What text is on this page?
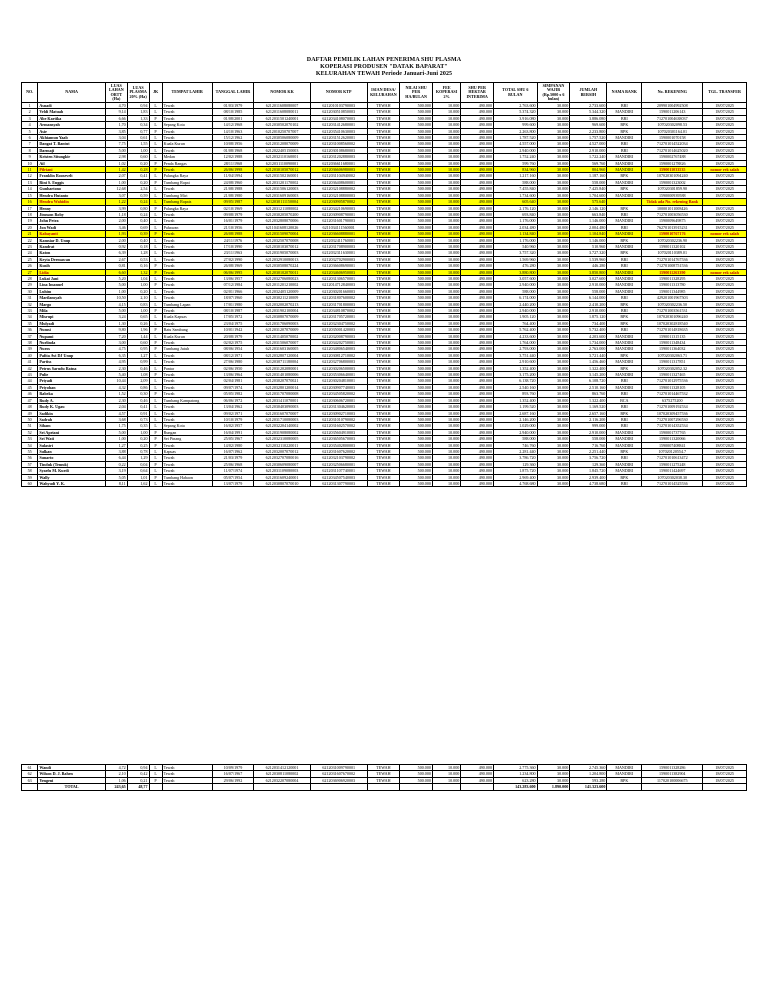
DAFTAR PEMILIK LAHAN PENERIMA SHU PLASMA
KOPERASI PRODUSEN "DATAK BAPARAT"
KELURAHAN TEWAH Periode Januari-Juni 2025
NO.	NAMA	LUAS LAHAN ORTT (Ha)	LUAS PLASMA 20% (Ha)	JK	TEMPAT LAHIR	TANGGAL LAHIR	NOMOR KK	NOMOR KTP	ISIAN DESA/ KELURAHAN	NILAI SHU PER HA/BULAN	FEE KOPERASI 2%	SHU PER HEKTAR INTERIMA	TOTAL SHU 6 BULAN	SIMPANAN WAJIB (Rp.5000 x 6 bulan)	JUMLAH BERSIH	NAMA BANK	No. REKENING	TGL. TRANSFER
1	Asnadi	4,70	0,94	L	Tewah	01/03/1979	6212011608080007	6212010103790003	TEWAH	500.000	10.000	490.000	2.763.600	30.000	2.733.600	BRI	209901004992508	18/07/2025
2	Veldi Matuah	9,14	1,83	L	Tewah	08/10/1985	6212011608080011	6212030510850003	TEWAH	500.000	10.000	490.000	5.374.320	30.000	5.344.320	MANDIRI	1590011206143	18/07/2025
3	Abe Kartika	6,66	1,33	P	Tewah	01/08/2001	6212031501240001	6212034108070003	TEWAH	500.000	10.000	490.000	3.916.080	30.000	3.886.080	BRI	712701004638037	18/07/2025
4	Armansyah	1,70	0,34	L	Sepang Kota	14/12/1968	6212030502070102	6212031412680001	TEWAH	500.000	10.000	490.000	999.600	30.000	969.600	BPK	107020302098.53	18/07/2025
5	Asie	3,85	0,77	P	Tewah	14/10/1963	6212010250707007	6212035410630003	TEWAH	500.000	10.000	490.000	2.263.800	30.000	2.233.800	BPK	107020301164.01	18/07/2025
6	Akhiamun Yaab	3,04	0,61	L	Tewah	15/12/1962	6212030506080009	6212031512620001	TEWAH	500.000	10.000	490.000	1.787.520	30.000	1.757.520	MANDIRI	1590001070158	18/07/2025
7	Dangat T. Bantut	7,75	1,55	L	Kuala Kurun	10/08/1956	6212031208070009	6212031008560002	TEWAH	500.000	10.000	490.000	4.557.000	30.000	4.527.000	BRI	712701014522034	18/07/2025
8	Darmaji	5,00	1,00	L	Tewah	01/08/1968	6212022405150003	6212030108680003	TEWAH	500.000	10.000	490.000	2.940.000	30.000	2.910.000	BRI	712701014625020	18/07/2025
9	Kristen Situngkir	2,98	0,60	L	Medan	12/02/1988	6212032110160001	6212031202880003	TEWAH	500.000	10.000	490.000	1.752.240	30.000	1.722.240	MANDIRI	1590002767488	18/07/2025
10	Ail	1,02	0,20	P	Penda Rangas	28/11/1968	6212031110090001	6212036611680001	TEWAH	500.000	10.000	490.000	599.760	30.000	569.760	MANDIRI	1590001278826	18/07/2025
11	Pilriani	1,42	0,28	P	Tewah	26/06/1998	6212030105070012	6212036606980003	TEWAH	500.000	10.000	490.000	834.960	30.000	804.960	MANDIRI	1590011033535	nomor rek salah
12	Franklin Roosevelt	2,07	0,41	L	Palangka Raya	11/04/1994	6212031502160001	6212031104940002	TEWAH	500.000	10.000	490.000	1.217.160	30.000	1.187.160	BPK	107020301094240	18/07/2025
13	Rini S. Enggis	1,00	0,20	P	Tumbang Rapai	24/08/1960	6212031201170002	6212036408600001	TEWAH	500.000	10.000	490.000	588.000	30.000	558.000	MANDIRI	1590001323002	18/07/2025
14	Gunhartono	12,68	2,54	L	Tewah	21/08/1988	6212031506120003	6212032108880002	TEWAH	500.000	10.000	490.000	7.455.840	30.000	7.425.840	BPK	107020301859.90	18/07/2025
15	Hendra Hutanto	3,07	0,59	L	Tumbang Miri	21/08/1980	6212031609160003	6212032108800003	TEWAH	500.000	10.000	490.000	1.734.600	30.000	1.704.600	MANDIRI	1590000939588	18/07/2025
16	Hendra Wahidin	1,22	0,24	L	Tumbang Rapais	09/05/1987	6212030111150004	6212030905870002	TEWAH	500.000	10.000	490.000	605.640	30.000	575.640		Tidak ada No. rekening Bank	
17	Henny	3,99	0,80	P	Palangka Raya	02/10/1969	6212031211080002	6212034210690003	TEWAH	500.000	10.000	490.000	2.176.120	30.000	2.146.120	BPK	100001011008426	18/07/2025
18	Jimsson Roby	1,18	0,24	L	Tewah	09/08/1979	6212030205070200	6212030908790001	TEWAH	500.000	10.000	490.000	693.840	30.000	663.840	BRI	712701003056530	18/07/2025
19	John Petra	2,00	0,40	L	Tewah	16/01/1979	6212032808070006	6212031601790003	TEWAH	500.000	10.000	490.000	1.176.000	30.000	1.146.000	MANDIRI	1590009649875	18/07/2025
20	Jon Wadi	3,46	0,69	L	Pahawan	21/10/1956	6211041608120026	6211034111560001	TEWAH	500.000	10.000	490.000	2.034.480	30.000	2.004.480	BRI	762701013915231	18/07/2025
21	Kabayanti	1,93	0,39	P	Tewah	26/08/1988	6212031509070004	6212036608880001	TEWAH	500.000	10.000	490.000	1.134.840	30.000	1.104.840	MANDIRI	1590010767176	nomor rek salah
22	Kamsiar D. Unup	2,00	0,40	L	Tewah	24/11/1976	6212032507070008	6212032411760001	TEWAH	500.000	10.000	490.000	1.176.000	30.000	1.146.000	BPK	107020302236.90	18/07/2025
23	Kandrat	0,92	0,18	L	Tewah	17/10/1990	6212030103070012	6212031708900003	TEWAH	500.000	10.000	490.000	540.960	30.000	510.960	MANDIRI	1590011320102	18/07/2025
24	Katon	6,39	1,28	L	Tewah	23/11/1963	6212031905070003	6212032311630001	TEWAH	500.000	10.000	490.000	3.757.320	30.000	3.727.320	BPK	107020110389.01	18/07/2025
25	Keyta Dermawan	2,67	0,53	L	Tewah	27/02/1990	6212032910080013	6212032702900003	TEWAH	500.000	10.000	490.000	1.569.960	30.000	1.539.960	BRI	712701014767536	18/07/2025
26	Kusih	0,81	0,16	P	Tewah	26/08/1969	6212030508070224	6212036608690001	TEWAH	500.000	10.000	490.000	476.280	30.000	446.280	BRI	712701008751536	18/07/2025
27	Lidia	6,60	1,32	P	Tewah	06/06/1995	6212030102070011	6212034606950003	TEWAH	500.000	10.000	490.000	3.880.800	30.000	3.850.800	MANDIRI	1590011263390	nomor rek salah
28	Lukai Jani	5,20	1,04	L	Tewah	13/06/1957	6212032706080023	6212031306570001	TEWAH	500.000	10.000	490.000	3.057.600	30.000	3.027.600	MANDIRI	1590011328295	18/07/2025
29	Lina Imanuel	5,00	1,00	P	Tewah	07/12/1984	6212011201210002	6212014712840003	TEWAH	500.000	10.000	490.000	2.940.000	30.000	2.910.000	MANDIRI	1590011313780	18/07/2025
30	Luhim	1,00	0,20	L	Tewah	02/01/1966	6212032405120009	6212030201660003	TEWAH	500.000	10.000	490.000	588.000	30.000	558.000	MANDIRI	1590011344985	18/07/2025
31	Marilansyah	10,50	2,10	L	Tewah	18/07/1960	6212030211210009	6212031807600002	TEWAH	500.000	10.000	490.000	6.174.000	30.000	6.144.000	BRI	429201001967503	18/07/2025
32	Margo	4,15	0,83	L	Tumbang Lapan	17/01/1980	6212032002070213	6212031701800003	TEWAH	500.000	10.000	490.000	2.440.200	30.000	2.410.200	BPK	107020302236.50	18/07/2025
33	Mila	5,00	1,00	P	Tewah	08/10/1987	6212031902100004	6212034810870002	TEWAH	500.000	10.000	490.000	2.940.000	30.000	2.910.000	BRI	712701003561531	18/07/2025
34	Misrupi	3,24	0,65	L	Kuala Kapuas	17/05/1972	6212030807070009	6212031705720001	TEWAH	500.000	10.000	490.000	1.905.120	30.000	1.875.120	BPK	107020301096240	18/07/2025
35	Mulyadi	1,30	0,26	L	Tewah	23/04/1975	6212031706090003	6212032304750002	TEWAH	500.000	10.000	490.000	764.400	30.000	734.400	BPK	107020302818540	18/07/2025
36	Numsi	9,80	1,96	P	Batu Sambung	10/01/1942	6212031207070009	6212035001420003	TEWAH	500.000	10.000	490.000	5.762.400	30.000	5.732.400	BRI	712701014818635	18/07/2025
37	Nupami	7,20	1,44	L	Kuala Kurun	20/08/1979	6212011405070002	6212032008790003	TEWAH	500.000	10.000	490.000	4.233.600	30.000	4.203.600	MANDIRI	1590011315135	18/07/2025
38	Nurlinda	3,00	0,60	P	Tewah	02/02/1975	6212031506070007	6212034202750001	TEWAH	500.000	10.000	490.000	1.764.000	30.000	1.734.000	MANDIRI	1590011348434	18/07/2025
39	Nuros	4,75	0,95	P	Tumbang Jutuh	08/06/1954	6212031603160005	6212034806540003	TEWAH	500.000	10.000	490.000	2.793.000	30.000	2.763.000	MANDIRI	1590011364032	18/07/2025
40	Pafita Avi DJ Unup	6,35	1,27	L	Tewah	08/12/1971	6212032807120004	6212030812710002	TEWAH	500.000	10.000	490.000	3.751.440	30.000	3.721.440	BPK	107020302063.71	18/07/2025
41	Partiss	4,95	0,99	L	Tewah	27/06/1980	6212030711180004	6212032706800003	TEWAH	500.000	10.000	490.000	2.910.600	30.000	1.456.460	MANDIRI	1590011317851	18/07/2025
42	Petrus Sarudu Ratna	2,30	0,46	L	Pantar	02/06/1950	6212031202080001	6212030206500003	TEWAH	500.000	10.000	490.000	1.352.400	30.000	1.322.400	BPK	107020302052.32	18/07/2025
43	Pulie	5,40	1,08	P	Tewah	13/06/1964	6212031401080006	6212035306640001	TEWAH	500.000	10.000	490.000	3.175.200	30.000	3.145.200	MANDIRI	1590011327465	18/07/2025
44	Priyadi	10,44	2,09	L	Tewah	02/04/1981	6212030207070021	6212030204810001	TEWAH	500.000	10.000	490.000	6.138.720	30.000	6.108.720	BRI	712701012975536	18/07/2025
45	Priyohan	4,32	0,86	L	Tewah	09/07/1974	6212032801200014	6212030907740003	TEWAH	500.000	10.000	490.000	2.540.160	30.000	2.510.160	MANDIRI	1590011328105	18/07/2025
46	Rabeka	1,52	0,30	P	Tewah	05/05/1982	6212031707080008	6212034505820002	TEWAH	500.000	10.000	490.000	893.760	30.000	863.760	BRI	712701014467532	18/07/2025
47	Rudy A.	2,30	0,46	L	Tumbang Kampatong	06/06/1972	6212031411070001	6212030606720001	TEWAH	500.000	10.000	490.000	1.352.400	30.000	1.322.400	BCA	6375275200	18/07/2025
48	Rudy K. Ugau	2,04	0,41	L	Tewah	13/04/1962	6212030403090003	6212031304620003	TEWAH	500.000	10.000	490.000	1.199.520	30.000	1.169.520	BRI	712701009192534	18/07/2025
49	Sadikin	4,57	0,91	L	Tewah	09/02/1971	6212031607070007	6212030902710003	TEWAH	500.000	10.000	490.000	2.687.160	30.000	2.657.160	BPK	107020309457536	18/07/2025
50	Sadrah	3,68	0,73	L	Tewah	10/10/1979	6212031710080003	6212031010790002	TEWAH	500.000	10.000	490.000	2.146.200	30.000	2.116.200	BRI	712701007296530	18/07/2025
51	Siham	1,75	0,35	L	Sepang Kota	16/02/1957	6212032204140002	6212031602570002	TEWAH	500.000	10.000	490.000	1.029.000	30.000	999.000	BRI	712701014352534	18/07/2025
52	Sri Apriani	5,00	1,00	P	Rungan	16/04/1991	6212031908080002	6212035604910003	TEWAH	500.000	10.000	490.000	2.940.000	30.000	2.910.000	MANDIRI	1590001737765	18/07/2025
53	Sri Wati	1,00	0,20	P	Sei Pinang	25/05/1967	6212032310080005	6212036505670003	TEWAH	500.000	10.000	490.000	588.000	30.000	558.000	MANDIRI	1590011320066	18/07/2025
54	Sulastri	1,27	0,25	P	Tewah	14/02/1980	6212032110220011	6212035402800003	TEWAH	500.000	10.000	490.000	746.760	30.000	716.760	MANDIRI	1590007408841	18/07/2025
55	Sulkan	3,88	0,78	L	Kapuas	16/07/1962	6212032007070012	6212031607620002	TEWAH	500.000	10.000	490.000	2.281.440	30.000	2.251.440	BPK	107020120554.7	18/07/2025
56	Sunarto	6,44	1,29	L	Tewah	21/03/1979	6212032707080016	6212032103790002	TEWAH	500.000	10.000	490.000	3.786.720	30.000	3.756.720	BRI	712701010613472	18/07/2025
57	Tinduk (Temuk)	0,22	0,04	P	Tewah	25/06/1968	6212030609080007	6212032506680001	TEWAH	500.000	10.000	490.000	129.360	30.000	129.360	MANDIRI	1590011275248	18/07/2025
58	Syaefu M. Kurdi	3,19	0,64	L	Tewah	11/07/1974	6212031109080003	6212031107740001	TEWAH	500.000	10.000	490.000	1.875.720	30.000	1.845.720	MANDIRI	1590011424697	18/07/2025
59	Wally	5,05	1,01	P	Tumbang Habaon	05/07/1954	6212031609240001	6212034507540003	TEWAH	500.000	10.000	490.000	2.969.400	30.000	2.939.400	BPK	107020302038.30	18/07/2025
60	Wahyudi Y. K.	8,11	1,62	L	Tewah	13/07/1979	6212030807070010	6212031307790003	TEWAH	500.000	10.000	490.000	4.768.680	30.000	4.738.680	BRI	712701014525536	18/07/2025
61	Wandi	4,72	0,94	L	Tewah	10/09/1979	6212031412120001	6212031009790001	TEWAH	500.000	10.000	490.000	2.775.360	30.000	2.745.360	MANDIRI	1590011328286	18/07/2025
62	Wilson D. J. Bahen	2,10	0,42	L	Tewah	16/07/1967	6212030811080002	6212031607670002	TEWAH	500.000	10.000	490.000	1.234.800	30.000	1.204.800	MANDIRI	1590011382904	18/07/2025
63	Yengeni	1,06	0,21	P	Tewah	29/06/1992	6212032207080004	6212036906920003	TEWAH	500.000	10.000	490.000	623.280	30.000	593.280	BPK	117020100006675	18/07/2025
	TOTAL	243,65	48,77										143.283.600	1.890.000	141.323.600			
